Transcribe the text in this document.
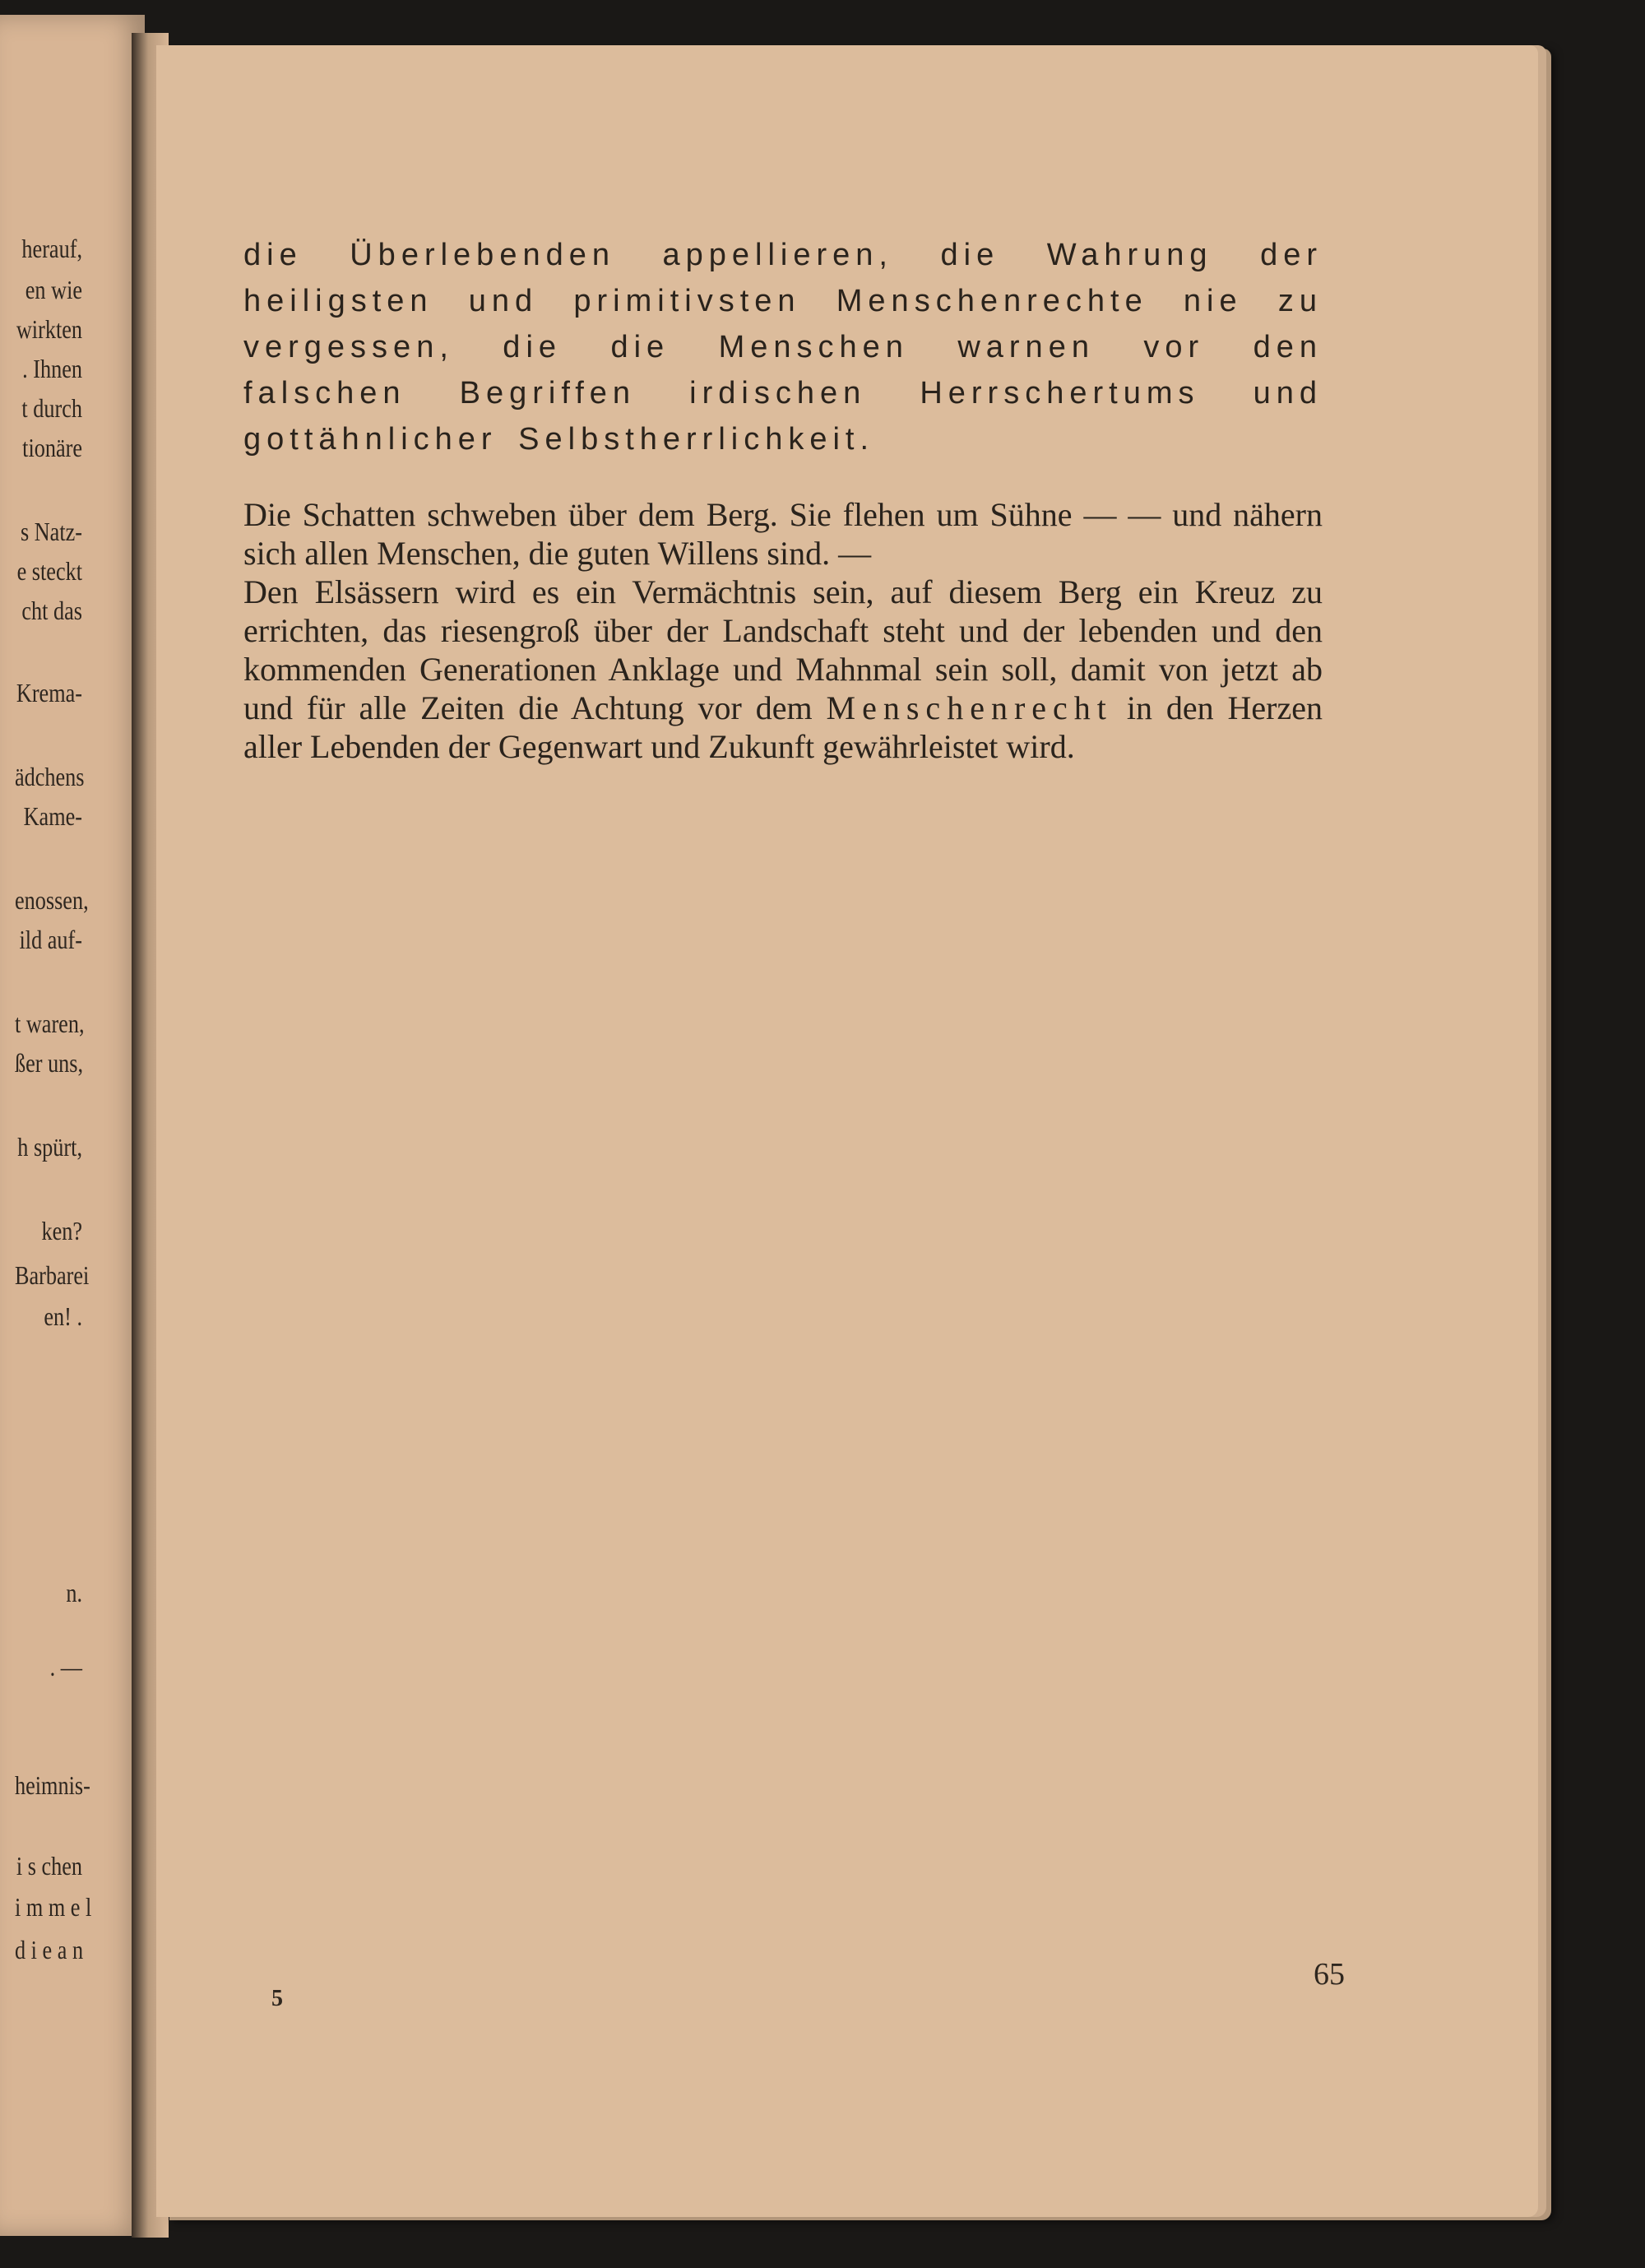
herauf,
en wie
wirkten
. Ihnen
t durch
tionäre
s Natz-
e steckt
cht das
Krema-
ädchens
Kame-
enossen,
ild auf-
t waren,
ßer uns,
h spürt,
ken?
Barbarei
en! .
n.
. —
heimnis-
i s chen
i m m e l
d i e a n

die Überlebenden appellieren, die Wahrung der heiligsten und primitivsten Menschenrechte nie zu vergessen, die die Menschen warnen vor den falschen Begriffen irdischen Herrschertums und gottähnlicher Selbstherrlichkeit.

Die Schatten schweben über dem Berg. Sie flehen um Sühne — — und nähern sich allen Menschen, die guten Willens sind. —

Den Elsässern wird es ein Vermächtnis sein, auf diesem Berg ein Kreuz zu errichten, das riesengroß über der Landschaft steht und der lebenden und den kommenden Generationen Anklage und Mahnmal sein soll, damit von jetzt ab und für alle Zeiten die Achtung vor dem Menschenrecht in den Herzen aller Lebenden der Gegenwart und Zukunft gewährleistet wird.

5
65
